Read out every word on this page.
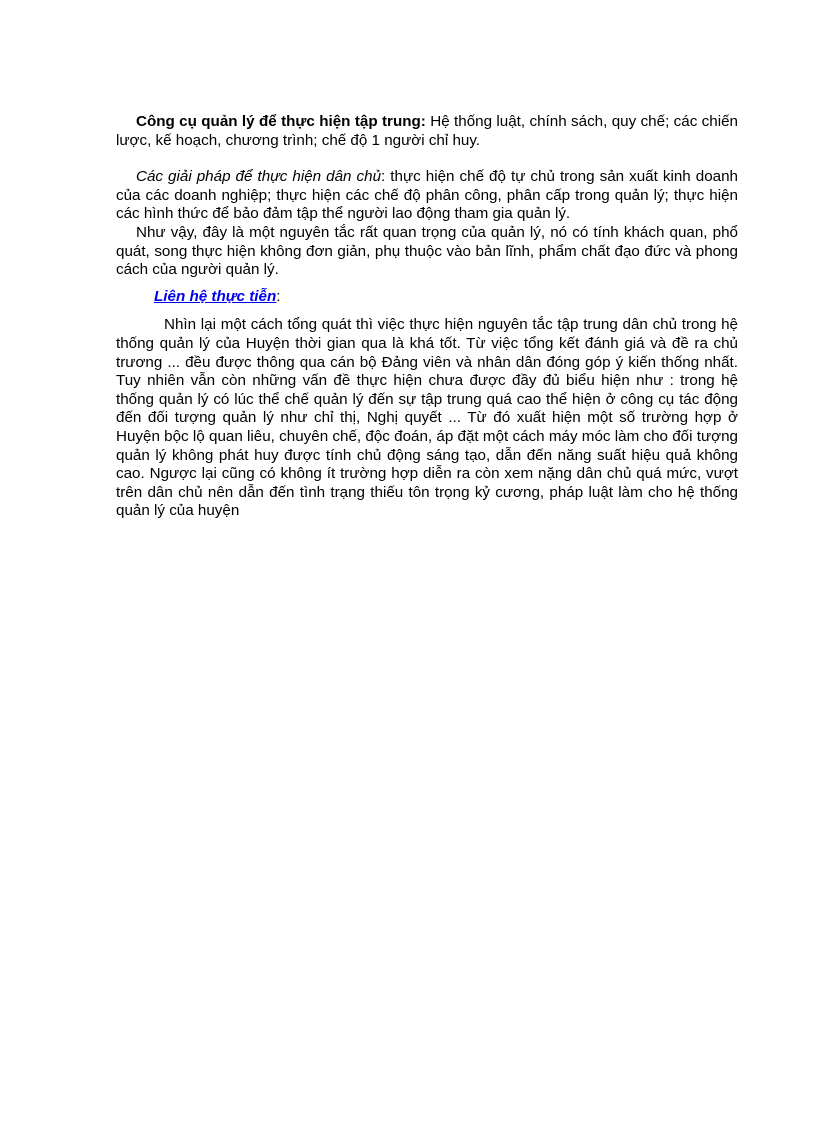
Công cụ quản lý để thực hiện tập trung: Hệ thống luật, chính sách, quy chế; các chiến lược, kế hoạch, chương trình; chế độ 1 người chỉ huy.

Các giải pháp để thực hiện dân chủ: thực hiện chế độ tự chủ trong sản xuất kinh doanh của các doanh nghiệp; thực hiện các chế độ phân công, phân cấp trong quản lý; thực hiện các hình thức để bảo đảm tập thể người lao động tham gia quản lý.

Như vậy, đây là một nguyên tắc rất quan trọng của quản lý, nó có tính khách quan, phổ quát, song thực hiện không đơn giản, phụ thuộc vào bản lĩnh, phẩm chất đạo đức và phong cách của người quản lý.

Liên hệ thực tiễn:

Nhìn lại một cách tổng quát thì việc thực hiện nguyên tắc tập trung dân chủ trong hệ thống quản lý của Huyện thời gian qua là khá tốt. Từ việc tổng kết đánh giá và đề ra chủ trương ... đều được thông qua cán bộ Đảng viên và nhân dân đóng góp ý kiến thống nhất. Tuy nhiên vẫn còn những vấn đề thực hiện chưa được đầy đủ biểu hiện như : trong hệ thống quản lý có lúc thể chế quản lý đến sự tập trung quá cao thể hiện ở công cụ tác động đến đối tượng quản lý như chỉ thị, Nghị quyết ... Từ đó xuất hiện một số trường hợp ở Huyện bộc lộ quan liêu, chuyên chế, độc đoán, áp đặt một cách máy móc làm cho đối tượng quản lý không phát huy được tính chủ động sáng tạo, dẫn đến năng suất hiệu quả không cao. Ngược lại cũng có không ít trường hợp diễn ra còn xem nặng dân chủ quá mức, vượt trên dân chủ nên dẫn đến tình trạng thiếu tôn trọng kỷ cương, pháp luật làm cho hệ thống quản lý của huyện
